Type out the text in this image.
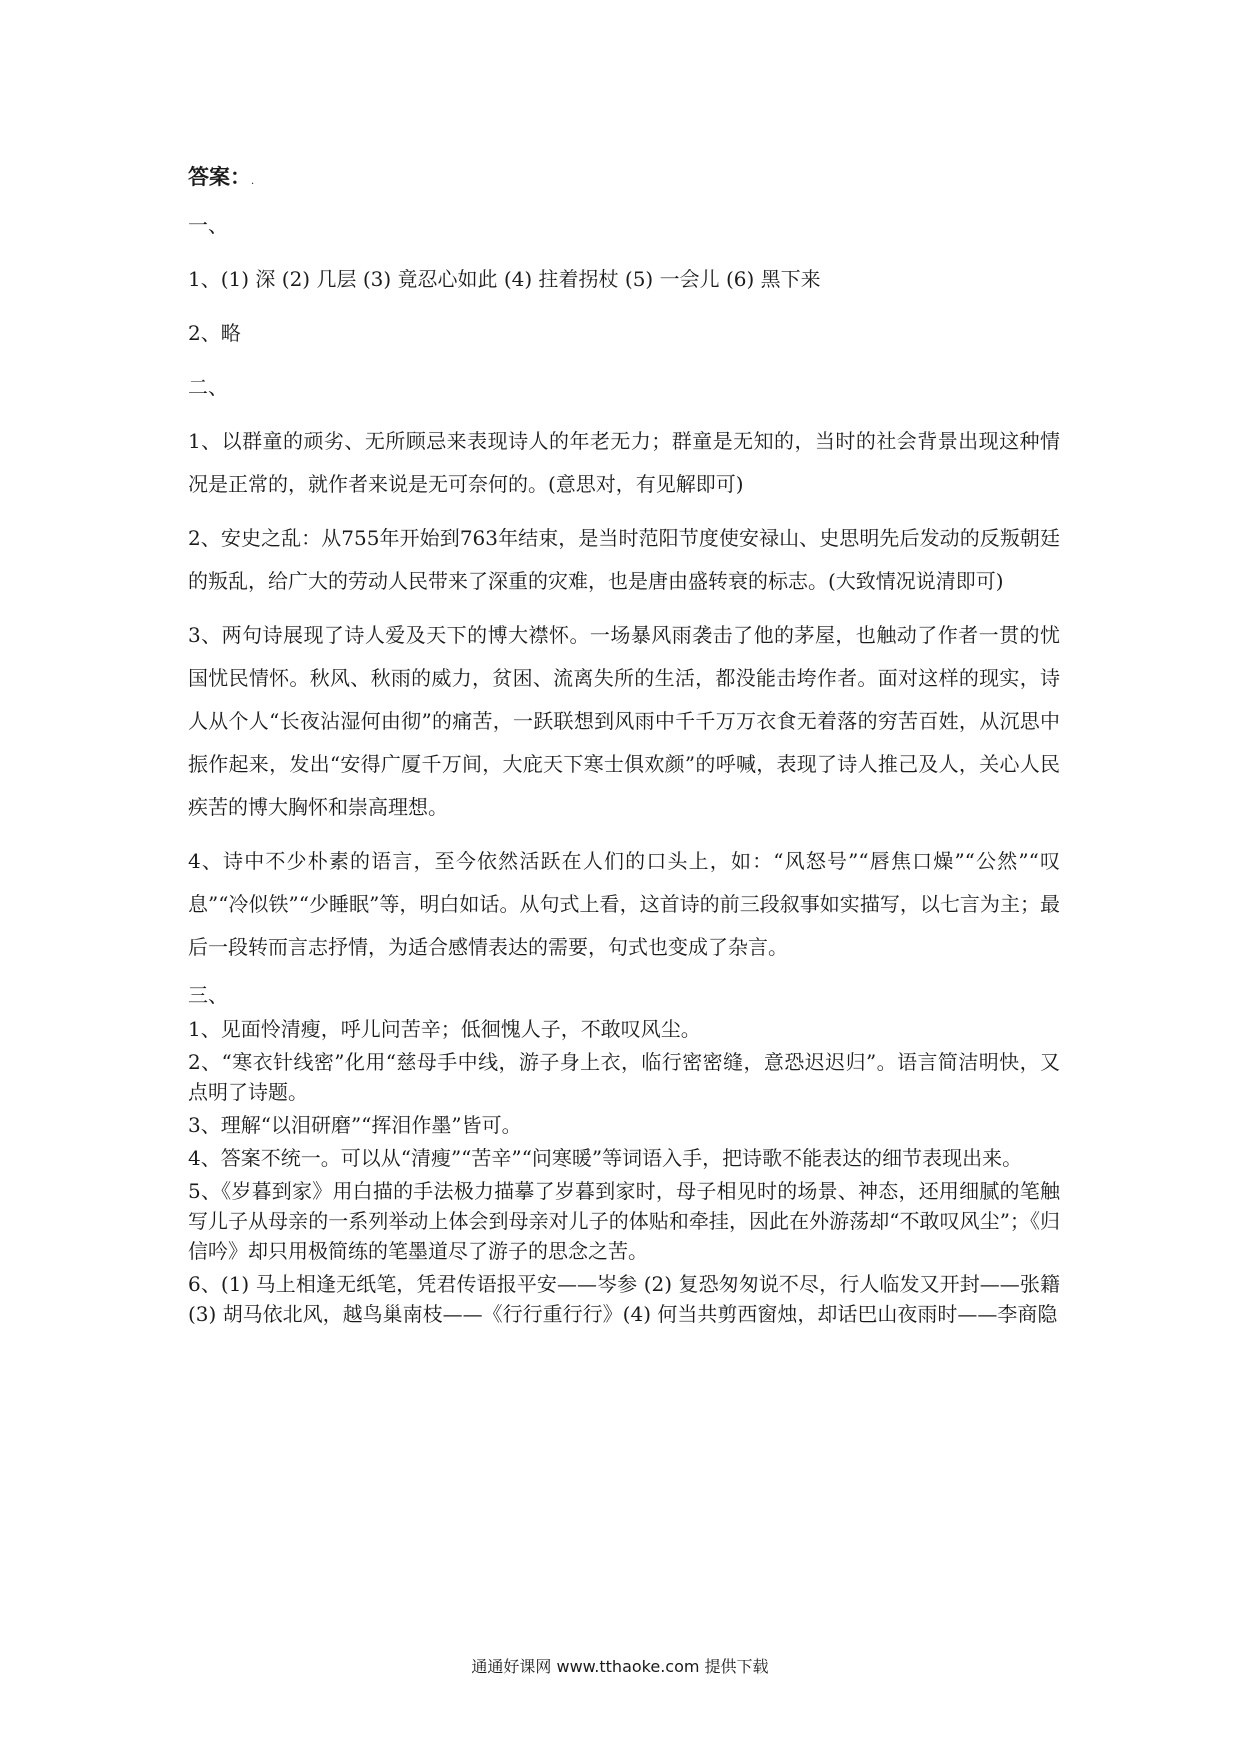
答案：.

一、

1、(1) 深 (2) 几层 (3) 竟忍心如此 (4) 拄着拐杖 (5) 一会儿 (6) 黑下来

2、略

二、

1、以群童的顽劣、无所顾忌来表现诗人的年老无力；群童是无知的，当时的社会背景出现这种情况是正常的，就作者来说是无可奈何的。(意思对，有见解即可)

2、安史之乱：从755年开始到763年结束，是当时范阳节度使安禄山、史思明先后发动的反叛朝廷的叛乱，给广大的劳动人民带来了深重的灾难，也是唐由盛转衰的标志。(大致情况说清即可)

3、两句诗展现了诗人爱及天下的博大襟怀。一场暴风雨袭击了他的茅屋，也触动了作者一贯的忧国忧民情怀。秋风、秋雨的威力，贫困、流离失所的生活，都没能击垮作者。面对这样的现实，诗人从个人“长夜沾湿何由彻”的痛苦，一跃联想到风雨中千千万万衣食无着落的穷苦百姓，从沉思中振作起来，发出“安得广厦千万间，大庇天下寒士俱欢颜”的呼喊，表现了诗人推己及人，关心人民疾苦的博大胸怀和崇高理想。

4、诗中不少朴素的语言，至今依然活跃在人们的口头上，如：“风怒号”“唇焦口燥”“公然”“叹息”“冷似铁”“少睡眠”等，明白如话。从句式上看，这首诗的前三段叙事如实描写，以七言为主；最后一段转而言志抒情，为适合感情表达的需要，句式也变成了杂言。

三、

1、见面怜清瘦，呼儿问苦辛；低徊愧人子，不敢叹风尘。

2、“寒衣针线密”化用“慈母手中线，游子身上衣，临行密密缝，意恐迟迟归”。语言简洁明快，又点明了诗题。

3、理解“以泪研磨”“挥泪作墨”皆可。

4、答案不统一。可以从“清瘦”“苦辛”“问寒暖”等词语入手，把诗歌不能表达的细节表现出来。

5、《岁暮到家》用白描的手法极力描摹了岁暮到家时，母子相见时的场景、神态，还用细腻的笔触写儿子从母亲的一系列举动上体会到母亲对儿子的体贴和牵挂，因此在外游荡却“不敢叹风尘”；《归信吟》却只用极简练的笔墨道尽了游子的思念之苦。

6、(1) 马上相逢无纸笔，凭君传语报平安——岑参 (2) 复恐匆匆说不尽，行人临发又开封——张籍 (3) 胡马依北风，越鸟巢南枝——《行行重行行》(4) 何当共剪西窗烛，却话巴山夜雨时——李商隐

通通好课网 www.tthaoke.com 提供下载
